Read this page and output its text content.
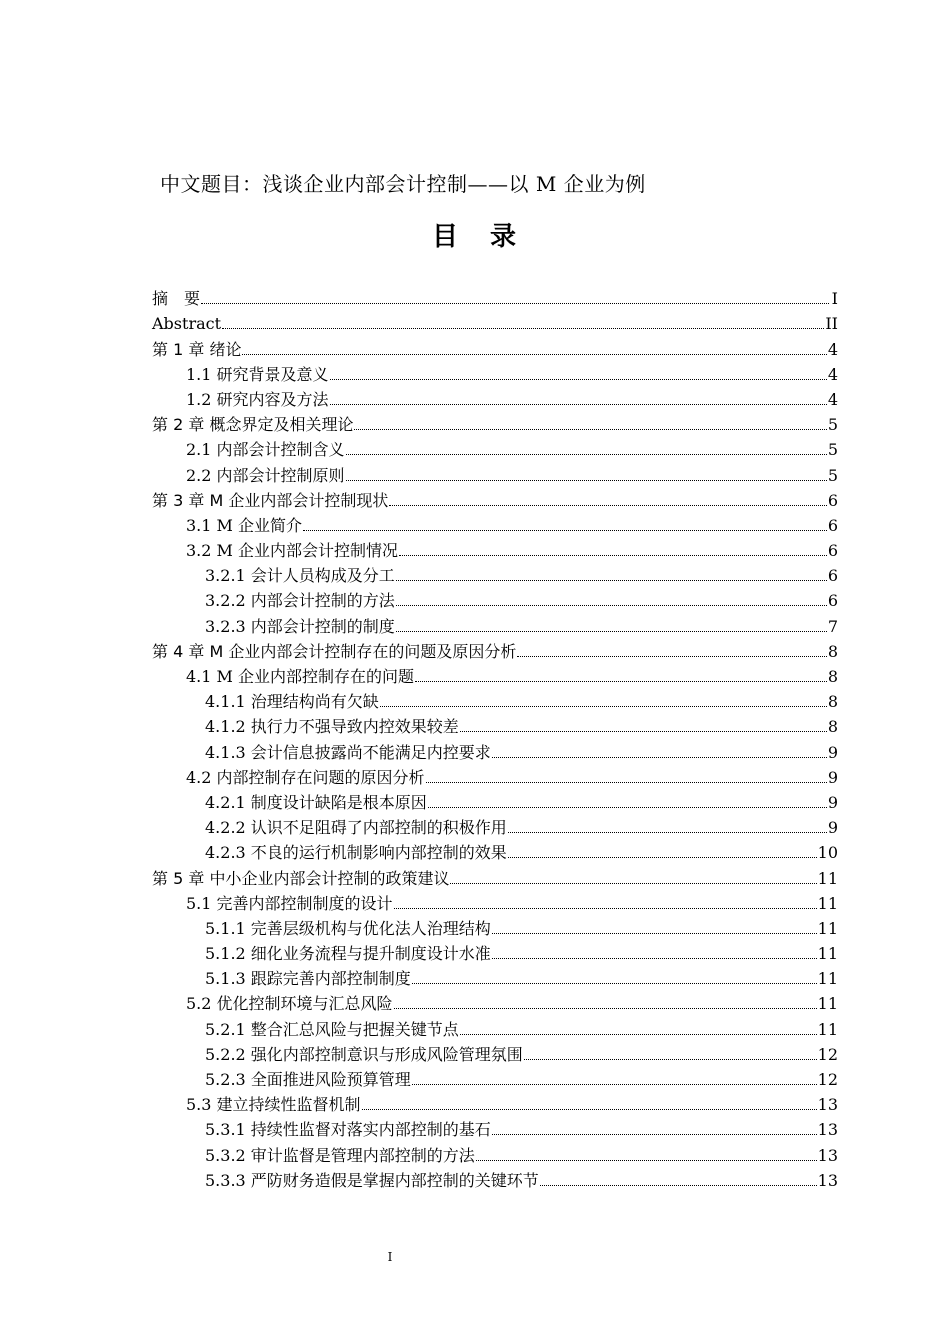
中文题目：浅谈企业内部会计控制——以 M 企业为例
目 录
摘　要	I
Abstract	II
第 1 章 绪论	4
1.1 研究背景及意义	4
1.2 研究内容及方法	4
第 2 章 概念界定及相关理论	5
2.1 内部会计控制含义	5
2.2 内部会计控制原则	5
第 3 章 M 企业内部会计控制现状	6
3.1 M 企业简介	6
3.2 M 企业内部会计控制情况	6
3.2.1 会计人员构成及分工	6
3.2.2 内部会计控制的方法	6
3.2.3 内部会计控制的制度	7
第 4 章 M 企业内部会计控制存在的问题及原因分析	8
4.1 M 企业内部控制存在的问题	8
4.1.1 治理结构尚有欠缺	8
4.1.2 执行力不强导致内控效果较差	8
4.1.3 会计信息披露尚不能满足内控要求	9
4.2 内部控制存在问题的原因分析	9
4.2.1 制度设计缺陷是根本原因	9
4.2.2 认识不足阻碍了内部控制的积极作用	9
4.2.3 不良的运行机制影响内部控制的效果	10
第 5 章 中小企业内部会计控制的政策建议	11
5.1 完善内部控制制度的设计	11
5.1.1 完善层级机构与优化法人治理结构	11
5.1.2 细化业务流程与提升制度设计水准	11
5.1.3 跟踪完善内部控制制度	11
5.2 优化控制环境与汇总风险	11
5.2.1 整合汇总风险与把握关键节点	11
5.2.2 强化内部控制意识与形成风险管理氛围	12
5.2.3 全面推进风险预算管理	12
5.3 建立持续性监督机制	13
5.3.1 持续性监督对落实内部控制的基石	13
5.3.2 审计监督是管理内部控制的方法	13
5.3.3 严防财务造假是掌握内部控制的关键环节	13
I
